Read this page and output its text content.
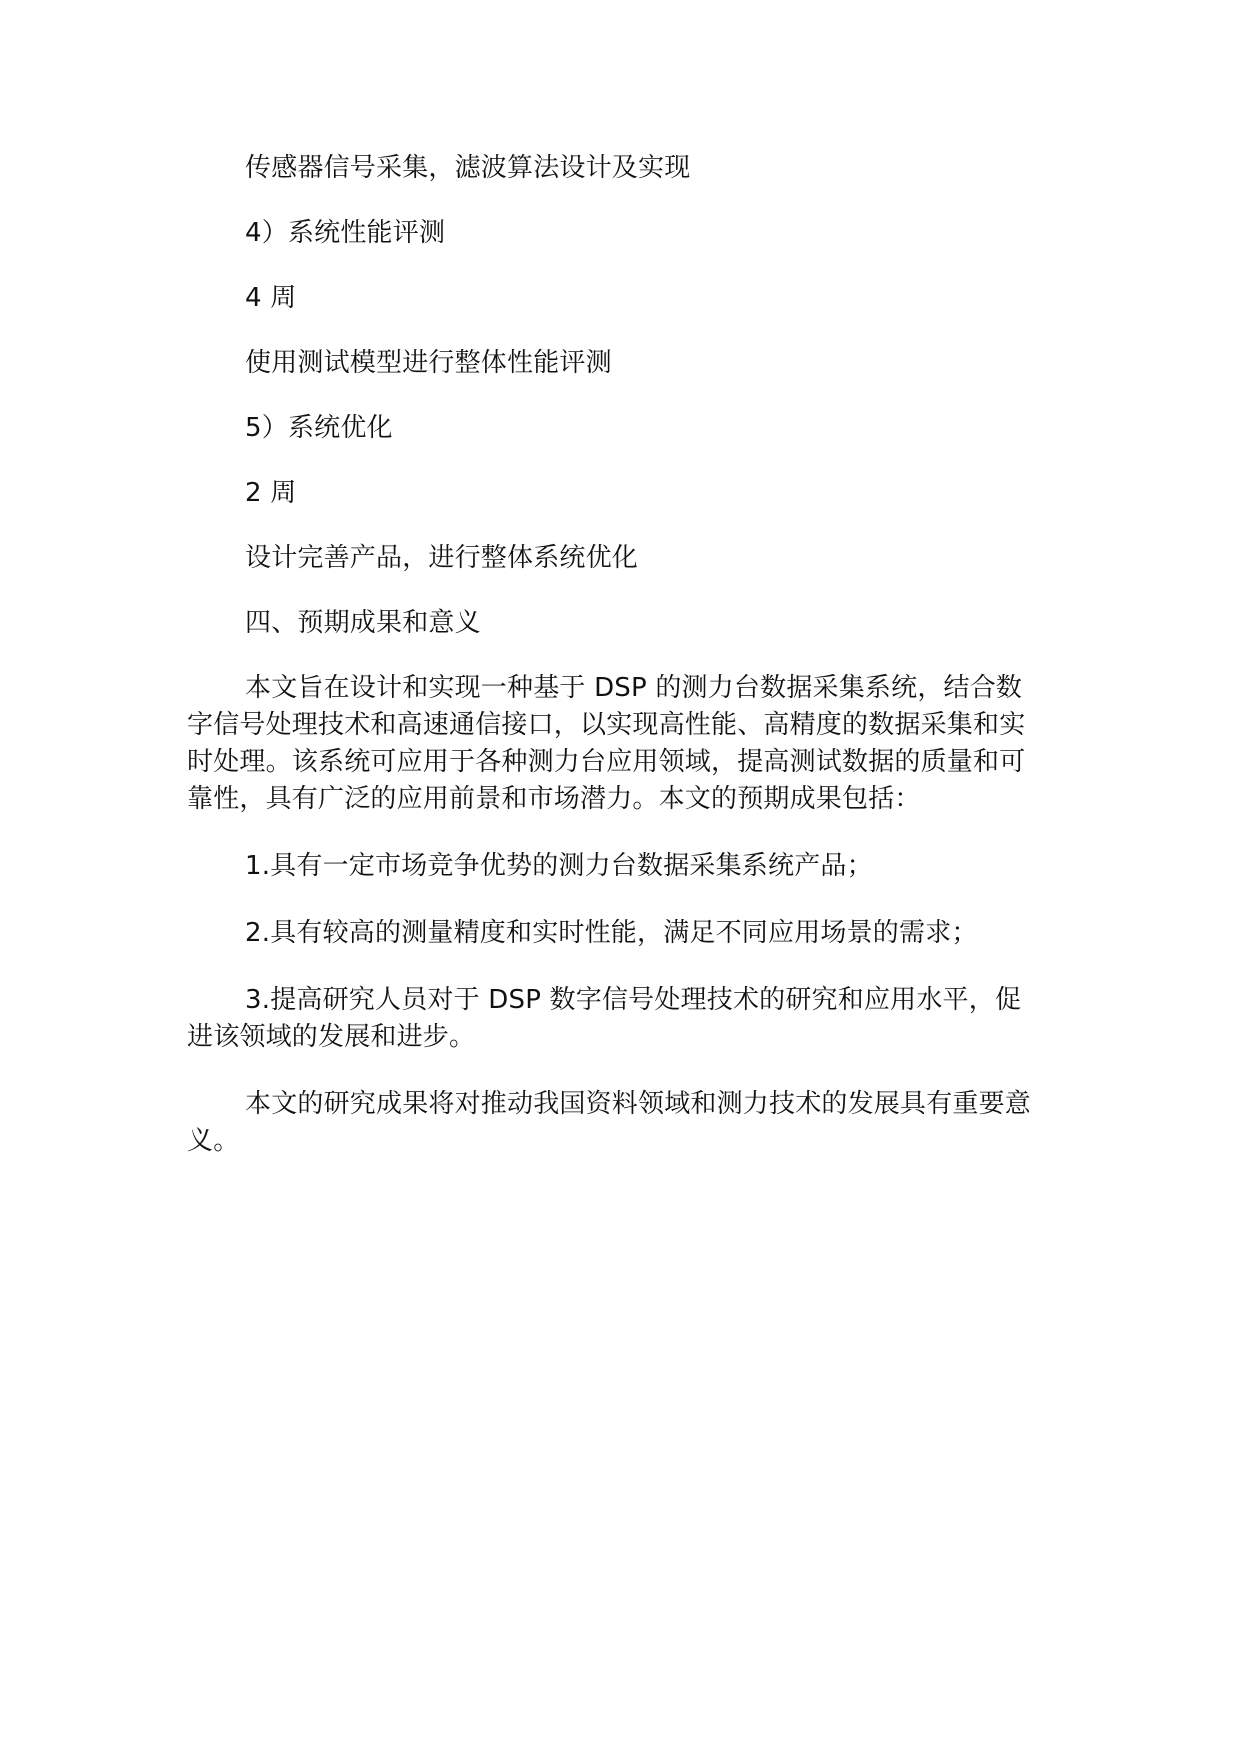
传感器信号采集，滤波算法设计及实现

4）系统性能评测

4 周

使用测试模型进行整体性能评测

5）系统优化

2 周

设计完善产品，进行整体系统优化

四、预期成果和意义

本文旨在设计和实现一种基于 DSP 的测力台数据采集系统，结合数字信号处理技术和高速通信接口，以实现高性能、高精度的数据采集和实时处理。该系统可应用于各种测力台应用领域，提高测试数据的质量和可靠性，具有广泛的应用前景和市场潜力。本文的预期成果包括：

1.具有一定市场竞争优势的测力台数据采集系统产品；

2.具有较高的测量精度和实时性能，满足不同应用场景的需求；

3.提高研究人员对于 DSP 数字信号处理技术的研究和应用水平，促进该领域的发展和进步。

本文的研究成果将对推动我国资料领域和测力技术的发展具有重要意义。
